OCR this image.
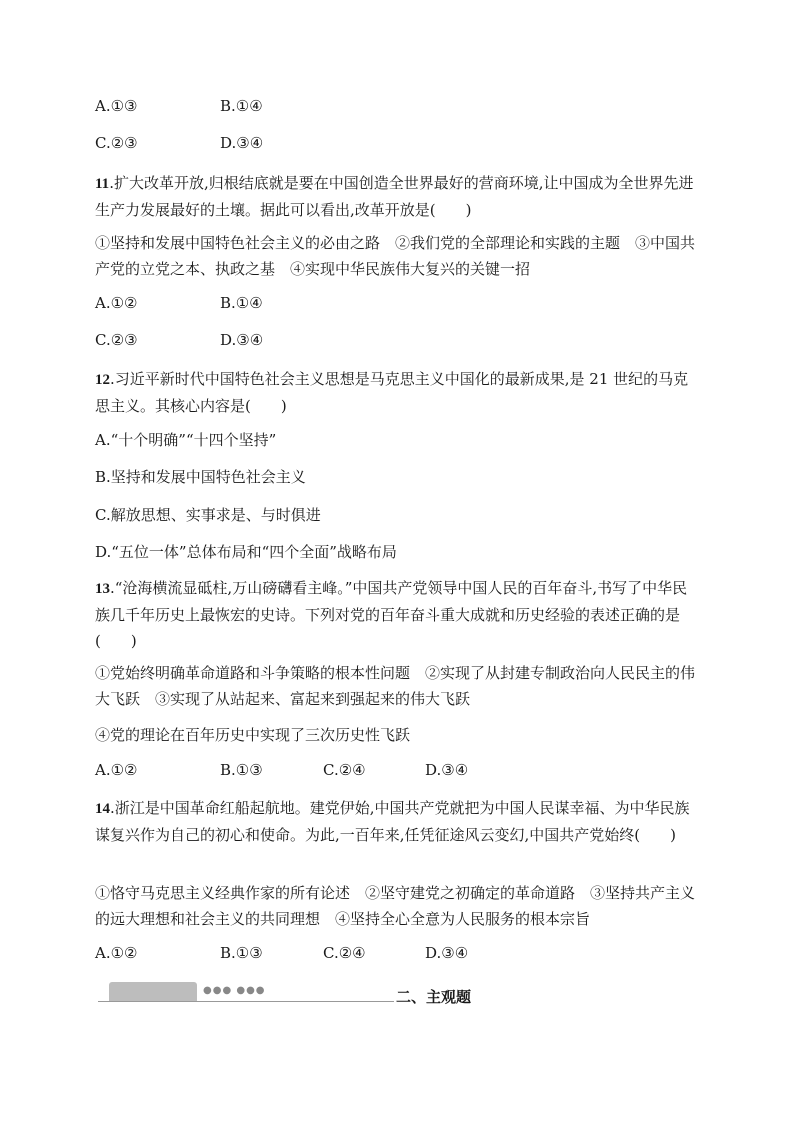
A.①③	B.①④
C.②③	D.③④
11.扩大改革开放,归根结底就是要在中国创造全世界最好的营商环境,让中国成为全世界先进生产力发展最好的土壤。据此可以看出,改革开放是(　　)
①坚持和发展中国特色社会主义的必由之路　②我们党的全部理论和实践的主题　③中国共产党的立党之本、执政之基　④实现中华民族伟大复兴的关键一招
A.①②	B.①④
C.②③	D.③④
12.习近平新时代中国特色社会主义思想是马克思主义中国化的最新成果,是 21 世纪的马克思主义。其核心内容是(　　)
A.“十个明确”“十四个坚持”
B.坚持和发展中国特色社会主义
C.解放思想、实事求是、与时俱进
D.“五位一体”总体布局和“四个全面”战略布局
13.“沧海横流显砥柱,万山磅礴看主峰。”中国共产党领导中国人民的百年奋斗,书写了中华民族几千年历史上最恢宏的史诗。下列对党的百年奋斗重大成就和历史经验的表述正确的是(　　)
①党始终明确革命道路和斗争策略的根本性问题　②实现了从封建专制政治向人民民主的伟大飞跃　③实现了从站起来、富起来到强起来的伟大飞跃
④党的理论在百年历史中实现了三次历史性飞跃
A.①②	B.①③	C.②④	D.③④
14.浙江是中国革命红船起航地。建党伊始,中国共产党就把为中国人民谋幸福、为中华民族谋复兴作为自己的初心和使命。为此,一百年来,任凭征途风云变幻,中国共产党始终(　　)
①恪守马克思主义经典作家的所有论述　②坚守建党之初确定的革命道路　③坚持共产主义的远大理想和社会主义的共同理想　④坚持全心全意为人民服务的根本宗旨
A.①②	B.①③	C.②④	D.③④
●●● ●●●	二、主观题
